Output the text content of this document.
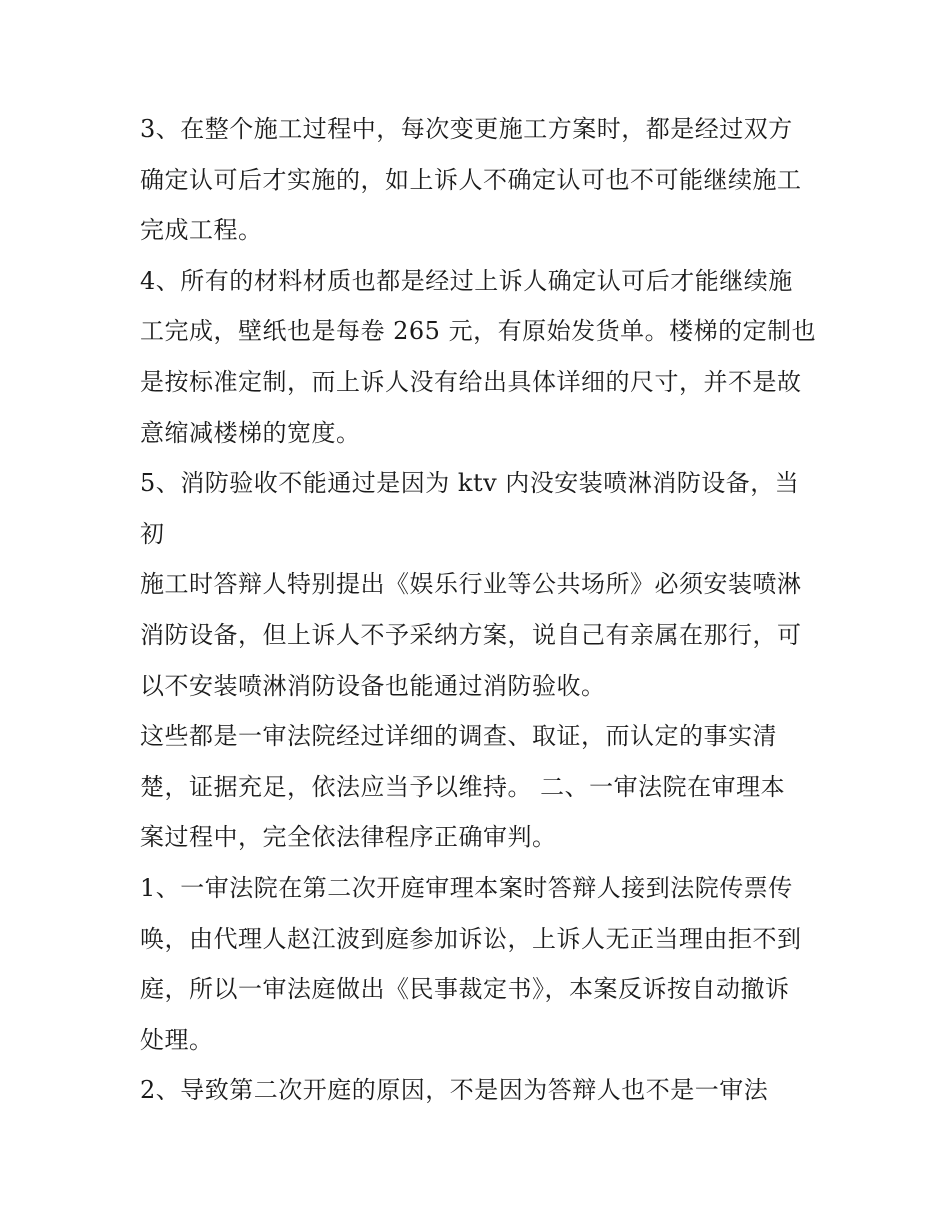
3、在整个施工过程中，每次变更施工方案时，都是经过双方
确定认可后才实施的，如上诉人不确定认可也不可能继续施工
完成工程。
4、所有的材料材质也都是经过上诉人确定认可后才能继续施
工完成，壁纸也是每卷 265 元，有原始发货单。楼梯的定制也
是按标准定制，而上诉人没有给出具体详细的尺寸，并不是故
意缩减楼梯的宽度。
5、消防验收不能通过是因为 ktv 内没安装喷淋消防设备，当
初
施工时答辩人特别提出《娱乐行业等公共场所》必须安装喷淋
消防设备，但上诉人不予采纳方案，说自己有亲属在那行，可
以不安装喷淋消防设备也能通过消防验收。
这些都是一审法院经过详细的调查、取证，而认定的事实清
楚，证据充足，依法应当予以维持。 二、一审法院在审理本
案过程中，完全依法律程序正确审判。
1、一审法院在第二次开庭审理本案时答辩人接到法院传票传
唤，由代理人赵江波到庭参加诉讼，上诉人无正当理由拒不到
庭，所以一审法庭做出《民事裁定书》，本案反诉按自动撤诉
处理。
2、导致第二次开庭的原因，不是因为答辩人也不是一审法
